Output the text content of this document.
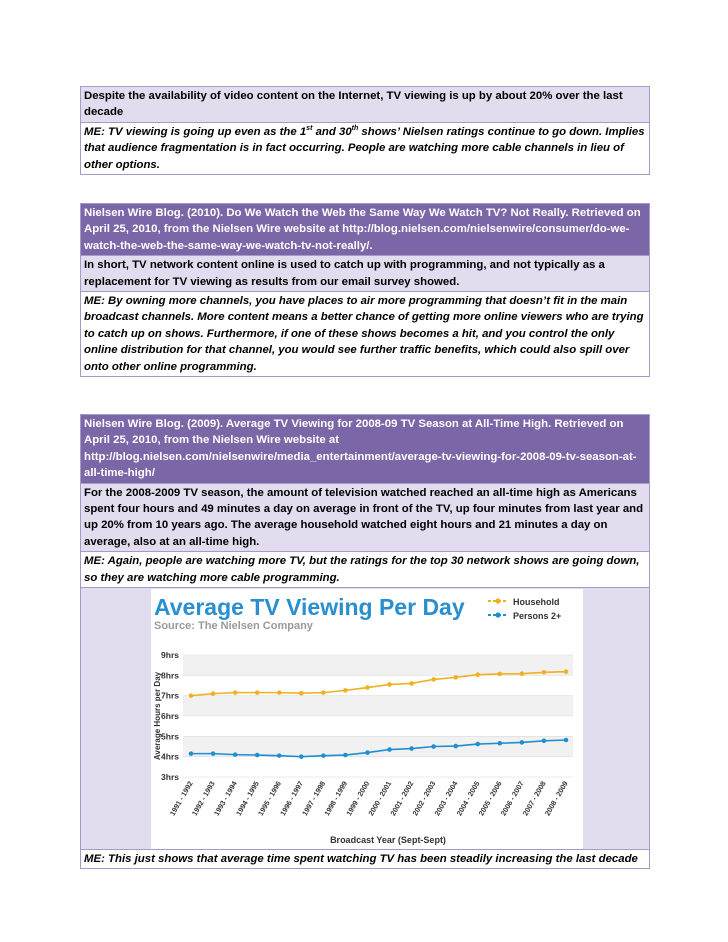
Despite the availability of video content on the Internet, TV viewing is up by about 20% over the last decade
ME: TV viewing is going up even as the 1st and 30th shows’ Nielsen ratings continue to go down. Implies that audience fragmentation is in fact occurring. People are watching more cable channels in lieu of other options.
Nielsen Wire Blog. (2010). Do We Watch the Web the Same Way We Watch TV? Not Really. Retrieved on April 25, 2010, from the Nielsen Wire website at http://blog.nielsen.com/nielsenwire/consumer/do-we-watch-the-web-the-same-way-we-watch-tv-not-really/.
In short, TV network content online is used to catch up with programming, and not typically as a replacement for TV viewing as results from our email survey showed.
ME: By owning more channels, you have places to air more programming that doesn’t fit in the main broadcast channels. More content means a better chance of getting more online viewers who are trying to catch up on shows. Furthermore, if one of these shows becomes a hit, and you control the only online distribution for that channel, you would see further traffic benefits, which could also spill over onto other online programming.
Nielsen Wire Blog. (2009). Average TV Viewing for 2008-09 TV Season at All-Time High. Retrieved on April 25, 2010, from the Nielsen Wire website at http://blog.nielsen.com/nielsenwire/media_entertainment/average-tv-viewing-for-2008-09-tv-season-at-all-time-high/
For the 2008-2009 TV season, the amount of television watched reached an all-time high as Americans spent four hours and 49 minutes a day on average in front of the TV, up four minutes from last year and up 20% from 10 years ago. The average household watched eight hours and 21 minutes a day on average, also at an all-time high.
ME: Again, people are watching more TV, but the ratings for the top 30 network shows are going down, so they are watching more cable programming.
Average TV Viewing Per Day
Source: The Nielsen Company
Household
Persons 2+
3hrs
4hrs
5hrs
6hrs
7hrs
8hrs
9hrs
Average Hours per Day
1991 - 1992
1992 - 1993
1993 - 1994
1994 - 1995
1995 - 1996
1996 - 1997
1997 - 1998
1998 - 1999
1999 - 2000
2000 - 2001
2001 - 2002
2002 - 2003
2003 - 2004
2004 - 2005
2005 - 2006
2006 - 2007
2007 - 2008
2008 - 2009
Broadcast Year (Sept-Sept)
ME: This just shows that average time spent watching TV has been steadily increasing the last decade
